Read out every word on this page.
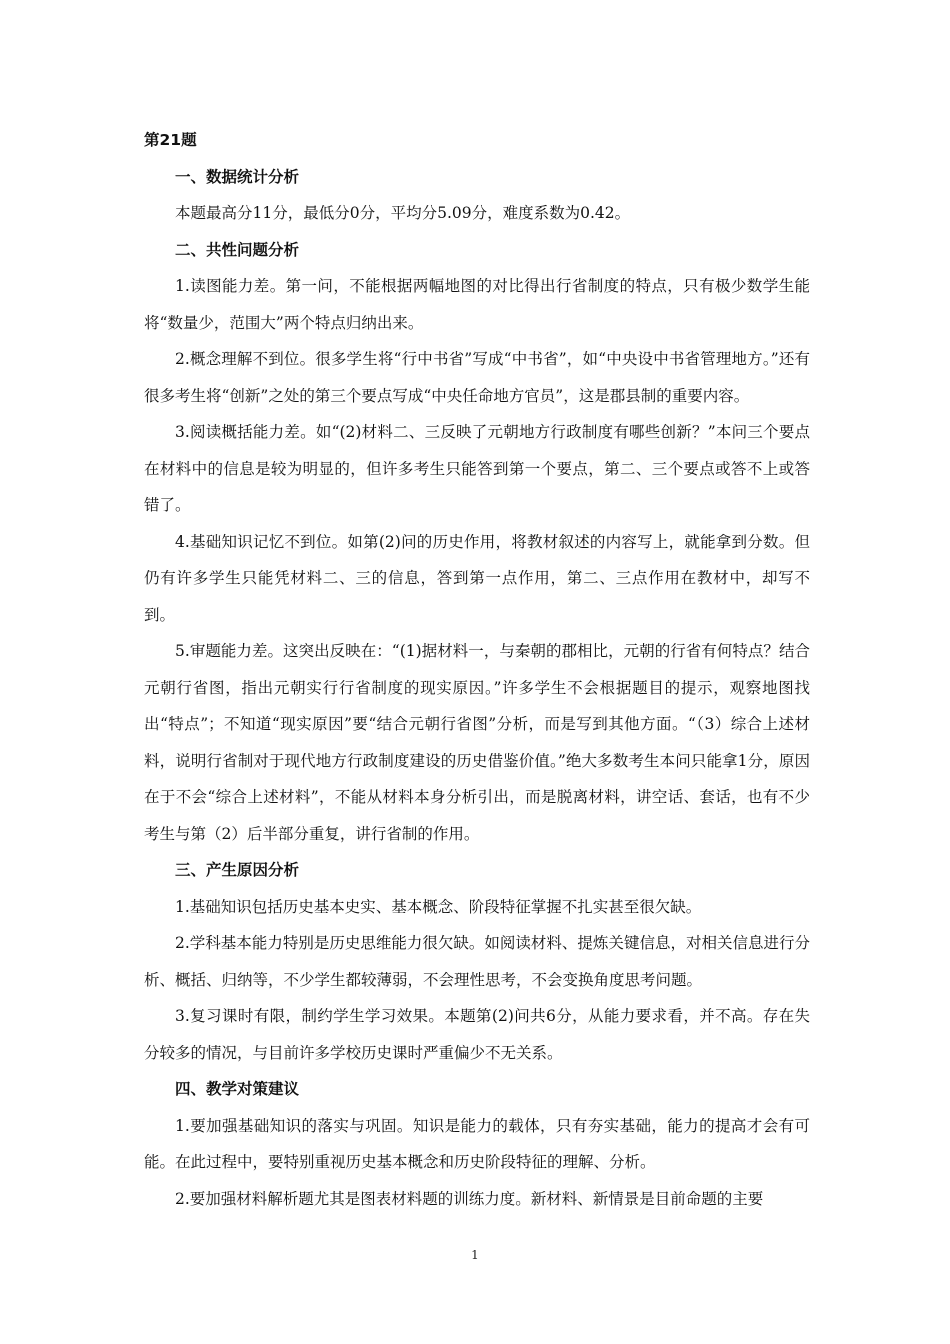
第21题
一、数据统计分析

本题最高分11分，最低分0分，平均分5.09分，难度系数为0.42。

二、共性问题分析

1.读图能力差。第一问，不能根据两幅地图的对比得出行省制度的特点，只有极少数学生能将“数量少，范围大”两个特点归纳出来。

2.概念理解不到位。很多学生将“行中书省”写成“中书省”，如“中央设中书省管理地方。”还有很多考生将“创新”之处的第三个要点写成“中央任命地方官员”，这是郡县制的重要内容。

3.阅读概括能力差。如“(2)材料二、三反映了元朝地方行政制度有哪些创新？”本问三个要点在材料中的信息是较为明显的，但许多考生只能答到第一个要点，第二、三个要点或答不上或答错了。

4.基础知识记忆不到位。如第(2)问的历史作用，将教材叙述的内容写上，就能拿到分数。但仍有许多学生只能凭材料二、三的信息，答到第一点作用，第二、三点作用在教材中，却写不到。

5.审题能力差。这突出反映在：“(1)据材料一，与秦朝的郡相比，元朝的行省有何特点？结合元朝行省图，指出元朝实行行省制度的现实原因。”许多学生不会根据题目的提示，观察地图找出“特点”；不知道“现实原因”要“结合元朝行省图”分析，而是写到其他方面。“（3）综合上述材料，说明行省制对于现代地方行政制度建设的历史借鉴价值。”绝大多数考生本问只能拿1分，原因在于不会“综合上述材料”，不能从材料本身分析引出，而是脱离材料，讲空话、套话，也有不少考生与第（2）后半部分重复，讲行省制的作用。

三、产生原因分析

1.基础知识包括历史基本史实、基本概念、阶段特征掌握不扎实甚至很欠缺。

2.学科基本能力特别是历史思维能力很欠缺。如阅读材料、提炼关键信息，对相关信息进行分析、概括、归纳等，不少学生都较薄弱，不会理性思考，不会变换角度思考问题。

3.复习课时有限，制约学生学习效果。本题第(2)问共6分，从能力要求看，并不高。存在失分较多的情况，与目前许多学校历史课时严重偏少不无关系。

四、教学对策建议

1.要加强基础知识的落实与巩固。知识是能力的载体，只有夯实基础，能力的提高才会有可能。在此过程中，要特别重视历史基本概念和历史阶段特征的理解、分析。

2.要加强材料解析题尤其是图表材料题的训练力度。新材料、新情景是目前命题的主要

1
